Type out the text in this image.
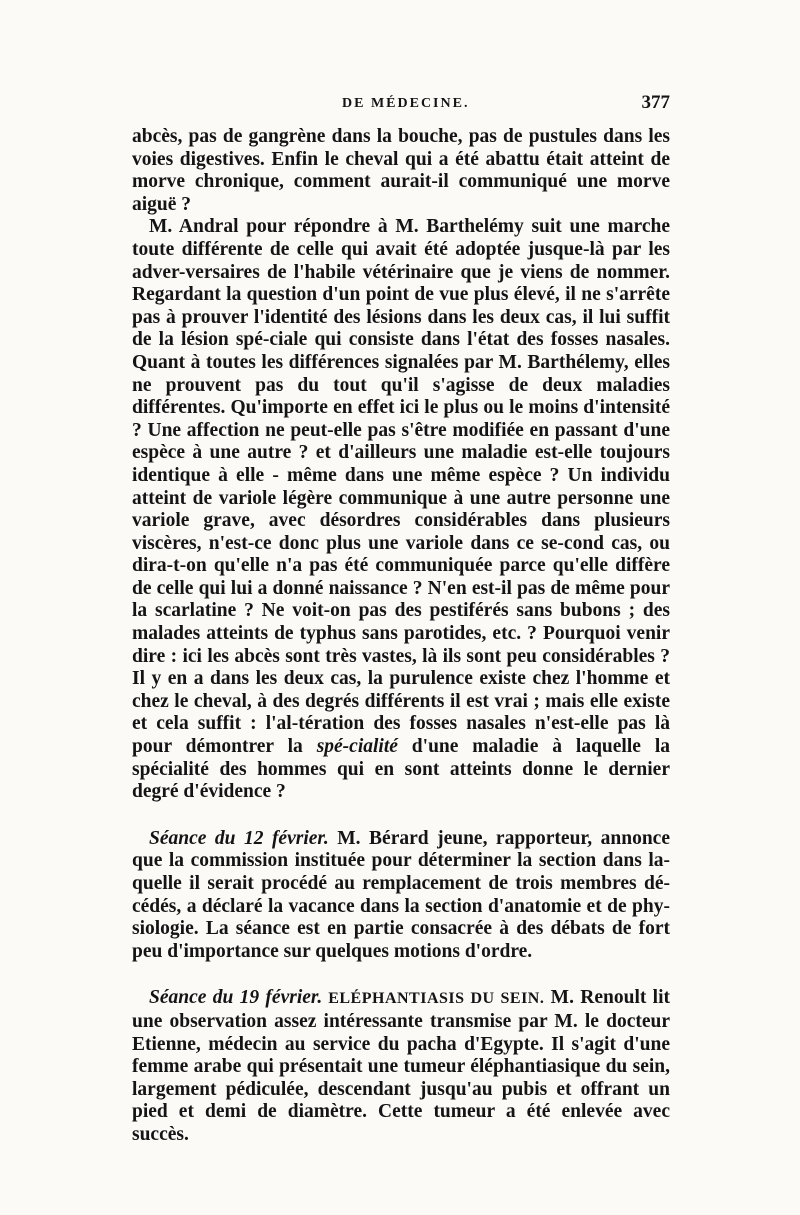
DE MÉDECINE.	377

abcès, pas de gangrène dans la bouche, pas de pustules dans les voies digestives. Enfin le cheval qui a été abattu était atteint de morve chronique, comment aurait-il communiqué une morve aiguë ?

M. Andral pour répondre à M. Barthelémy suit une marche toute différente de celle qui avait été adoptée jusque-là par les adver-versaires de l'habile vétérinaire que je viens de nommer. Regardant la question d'un point de vue plus élevé, il ne s'arrête pas à prouver l'identité des lésions dans les deux cas, il lui suffit de la lésion spé-ciale qui consiste dans l'état des fosses nasales. Quant à toutes les différences signalées par M. Barthélemy, elles ne prouvent pas du tout qu'il s'agisse de deux maladies différentes. Qu'importe en effet ici le plus ou le moins d'intensité ? Une affection ne peut-elle pas s'être modifiée en passant d'une espèce à une autre ? et d'ailleurs une maladie est-elle toujours identique à elle - même dans une même espèce ? Un individu atteint de variole légère communique à une autre personne une variole grave, avec désordres considérables dans plusieurs viscères, n'est-ce donc plus une variole dans ce se-cond cas, ou dira-t-on qu'elle n'a pas été communiquée parce qu'elle diffère de celle qui lui a donné naissance ? N'en est-il pas de même pour la scarlatine ? Ne voit-on pas des pestiférés sans bubons ; des malades atteints de typhus sans parotides, etc. ? Pourquoi venir dire : ici les abcès sont très vastes, là ils sont peu considérables ? Il y en a dans les deux cas, la purulence existe chez l'homme et chez le cheval, à des degrés différents il est vrai ; mais elle existe et cela suffit : l'al-tération des fosses nasales n'est-elle pas là pour démontrer la spé-cialité d'une maladie à laquelle la spécialité des hommes qui en sont atteints donne le dernier degré d'évidence ?

Séance du 12 février. M. Bérard jeune, rapporteur, annonce que la commission instituée pour déterminer la section dans la-quelle il serait procédé au remplacement de trois membres dé-cédés, a déclaré la vacance dans la section d'anatomie et de phy-siologie. La séance est en partie consacrée à des débats de fort peu d'importance sur quelques motions d'ordre.

Séance du 19 février. ELÉPHANTIASIS DU SEIN. M. Renoult lit une observation assez intéressante transmise par M. le docteur Etienne, médecin au service du pacha d'Egypte. Il s'agit d'une femme arabe qui présentait une tumeur éléphantiasique du sein, largement pédiculée, descendant jusqu'au pubis et offrant un pied et demi de diamètre. Cette tumeur a été enlevée avec succès.
